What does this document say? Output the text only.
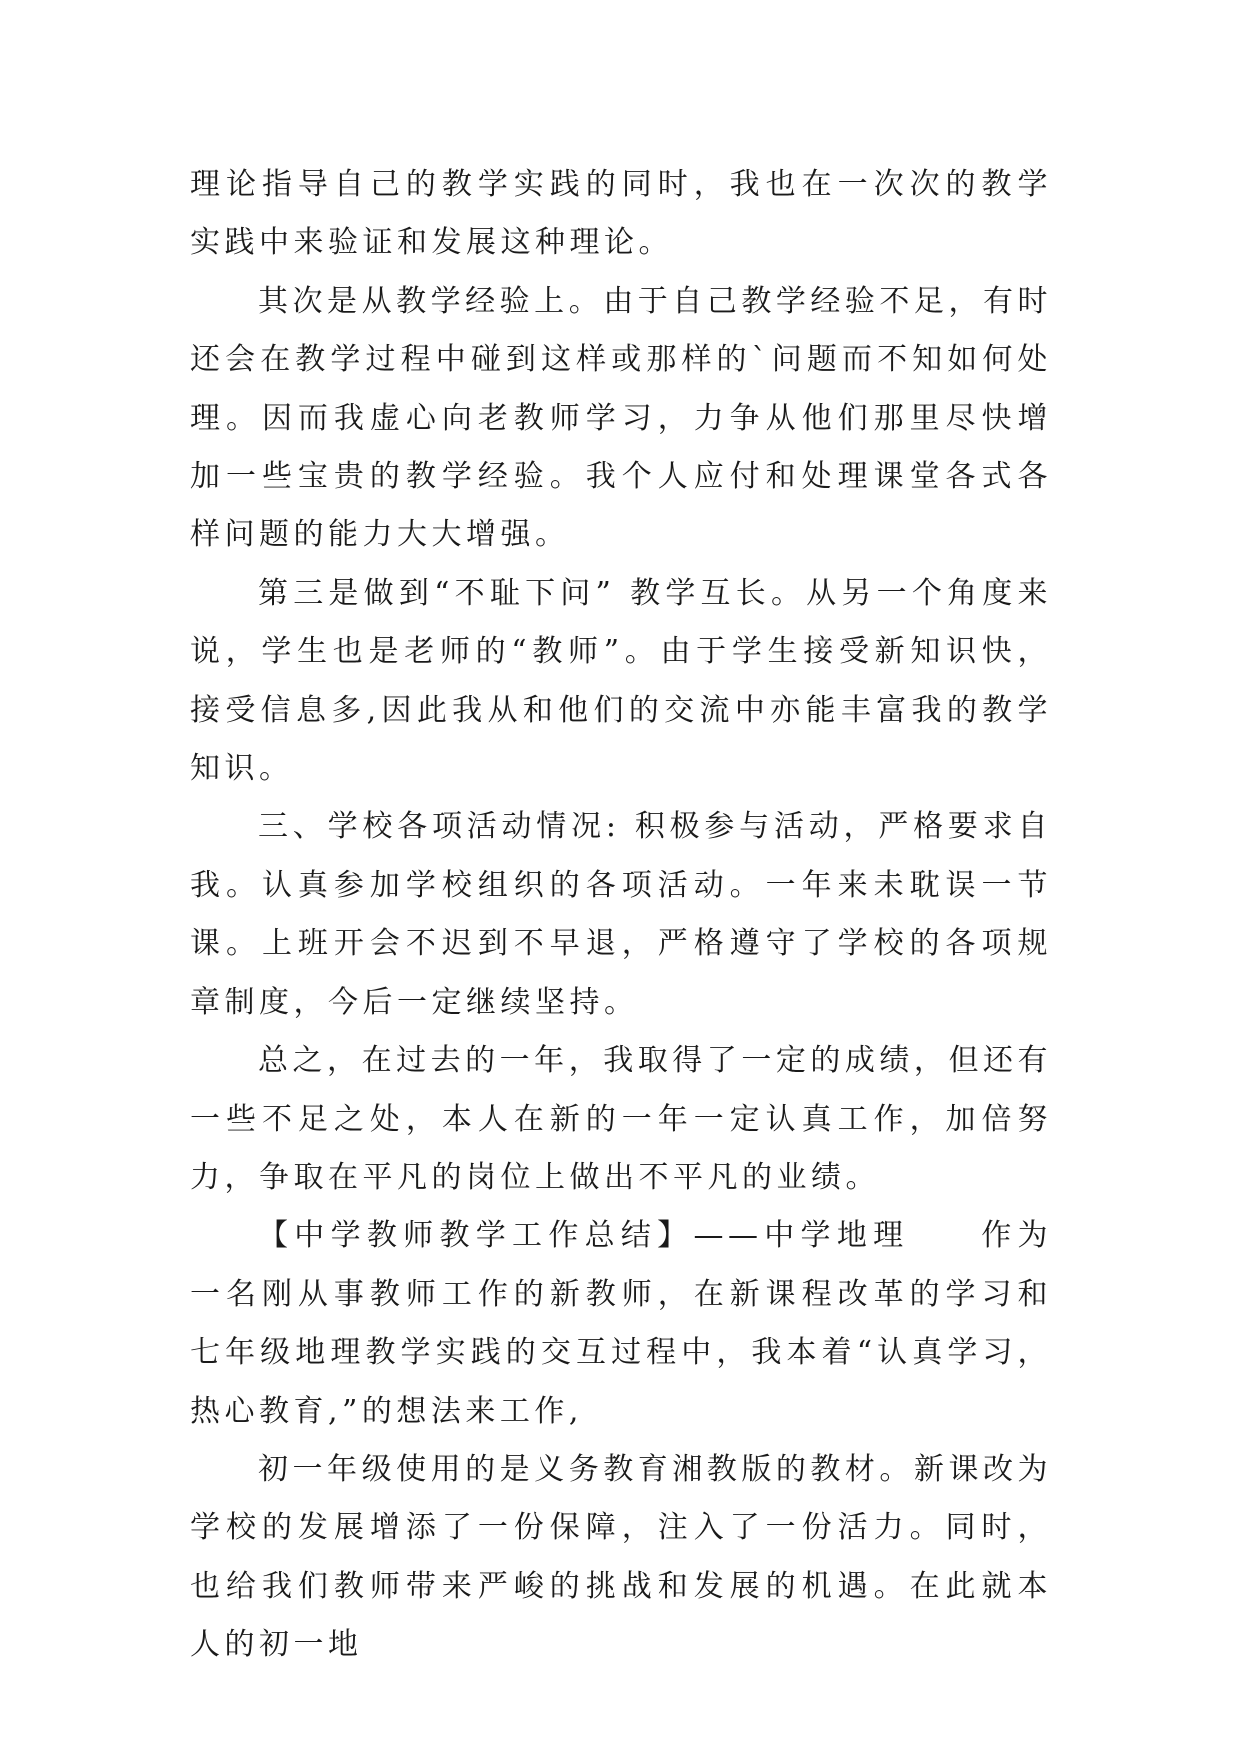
理论指导自己的教学实践的同时，我也在一次次的教学实践中来验证和发展这种理论。

其次是从教学经验上。由于自己教学经验不足，有时还会在教学过程中碰到这样或那样的`问题而不知如何处理。因而我虚心向老教师学习，力争从他们那里尽快增加一些宝贵的教学经验。我个人应付和处理课堂各式各样问题的能力大大增强。

第三是做到“不耻下问” 教学互长。从另一个角度来说，学生也是老师的“教师”。由于学生接受新知识快，接受信息多,因此我从和他们的交流中亦能丰富我的教学知识。

三、学校各项活动情况: 积极参与活动，严格要求自我。认真参加学校组织的各项活动。一年来未耽误一节课。上班开会不迟到不早退，严格遵守了学校的各项规章制度，今后一定继续坚持。

总之，在过去的一年，我取得了一定的成绩，但还有一些不足之处，本人在新的一年一定认真工作，加倍努力，争取在平凡的岗位上做出不平凡的业绩。

【中学教师教学工作总结】——中学地理 作为一名刚从事教师工作的新教师，在新课程改革的学习和七年级地理教学实践的交互过程中，我本着“认真学习，热心教育,”的想法来工作,

初一年级使用的是义务教育湘教版的教材。新课改为学校的发展增添了一份保障，注入了一份活力。同时，也给我们教师带来严峻的挑战和发展的机遇。在此就本人的初一地
